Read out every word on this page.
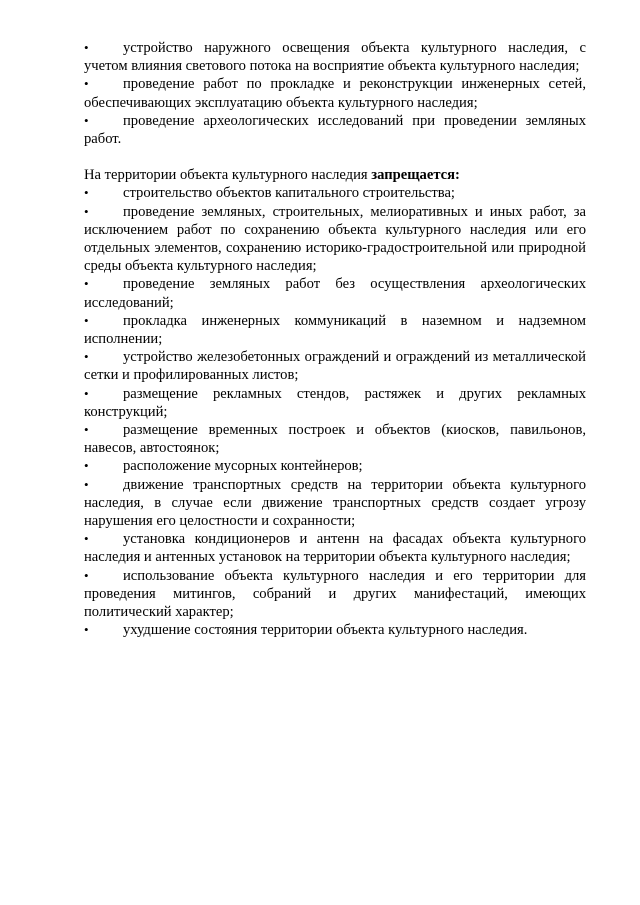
• устройство наружного освещения объекта культурного наследия, с учетом влияния светового потока на восприятие объекта культурного наследия;
• проведение работ по прокладке и реконструкции инженерных сетей, обеспечивающих эксплуатацию объекта культурного наследия;
• проведение археологических исследований при проведении земляных работ.

На территории объекта культурного наследия запрещается:

• строительство объектов капитального строительства;
• проведение земляных, строительных, мелиоративных и иных работ, за исключением работ по сохранению объекта культурного наследия или его отдельных элементов, сохранению историко-градостроительной или природной среды объекта культурного наследия;
• проведение земляных работ без осуществления археологических исследований;
• прокладка инженерных коммуникаций в наземном и надземном исполнении;
• устройство железобетонных ограждений и ограждений из металлической сетки и профилированных листов;
• размещение рекламных стендов, растяжек и других рекламных конструкций;
• размещение временных построек и объектов (киосков, павильонов, навесов, автостоянок;
• расположение мусорных контейнеров;
• движение транспортных средств на территории объекта культурного наследия, в случае если движение транспортных средств создает угрозу нарушения его целостности и сохранности;
• установка кондиционеров и антенн на фасадах объекта культурного наследия и антенных установок на территории объекта культурного наследия;
• использование объекта культурного наследия и его территории для проведения митингов, собраний и других манифестаций, имеющих политический характер;
• ухудшение состояния территории объекта культурного наследия.
